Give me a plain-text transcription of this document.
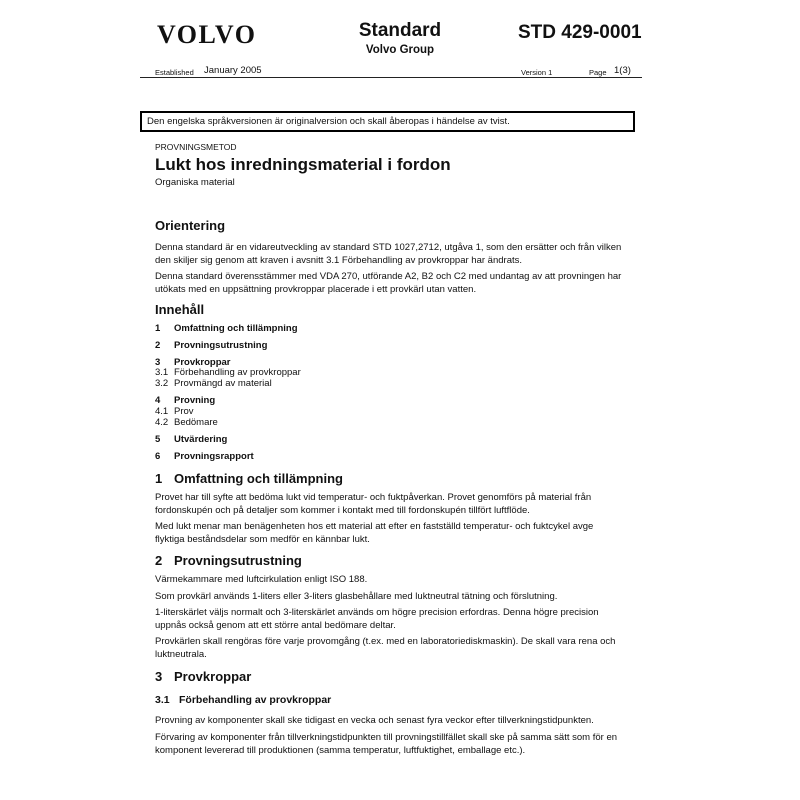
VOLVO	Standard
Volvo Group
STD 429-0001
Established January 2005	Version 1	Page 1(3)
Den engelska språkversionen är originalversion och skall åberopas i händelse av tvist.
PROVNINGSMETOD
Lukt hos inredningsmaterial i fordon
Organiska material
Orientering
Denna standard är en vidareutveckling av standard STD 1027,2712, utgåva 1, som den ersätter och från vilken den skiljer sig genom att kraven i avsnitt 3.1 Förbehandling av provkroppar har ändrats.
Denna standard överensstämmer med VDA 270, utförande A2, B2 och C2 med undantag av att provningen har utökats med en uppsättning provkroppar placerade i ett provkärl utan vatten.
Innehåll
1 Omfattning och tillämpning
2 Provningsutrustning
3 Provkroppar
3.1 Förbehandling av provkroppar
3.2 Provmängd av material
4 Provning
4.1 Prov
4.2 Bedömare
5 Utvärdering
6 Provningsrapport
1 Omfattning och tillämpning
Provet har till syfte att bedöma lukt vid temperatur- och fuktpåverkan. Provet genomförs på material från fordonskupén och på detaljer som kommer i kontakt med till fordonskupén tillfört luftflöde.
Med lukt menar man benägenheten hos ett material att efter en fastställd temperatur- och fuktcykel avge flyktiga beståndsdelar som medför en kännbar lukt.
2 Provningsutrustning
Värmekammare med luftcirkulation enligt ISO 188.
Som provkärl används 1-liters eller 3-liters glasbehållare med luktneutral tätning och förslutning.
1-literskärlet väljs normalt och 3-literskärlet används om högre precision erfordras. Denna högre precision uppnås också genom att ett större antal bedömare deltar.
Provkärlen skall rengöras före varje provomgång (t.ex. med en laboratoriediskmaskin). De skall vara rena och luktneutrala.
3 Provkroppar
3.1 Förbehandling av provkroppar
Provning av komponenter skall ske tidigast en vecka och senast fyra veckor efter tillverkningstidpunkten.
Förvaring av komponenter från tillverkningstidpunkten till provningstillfället skall ske på samma sätt som för en komponent levererad till produktionen (samma temperatur, luftfuktighet, emballage etc.).
